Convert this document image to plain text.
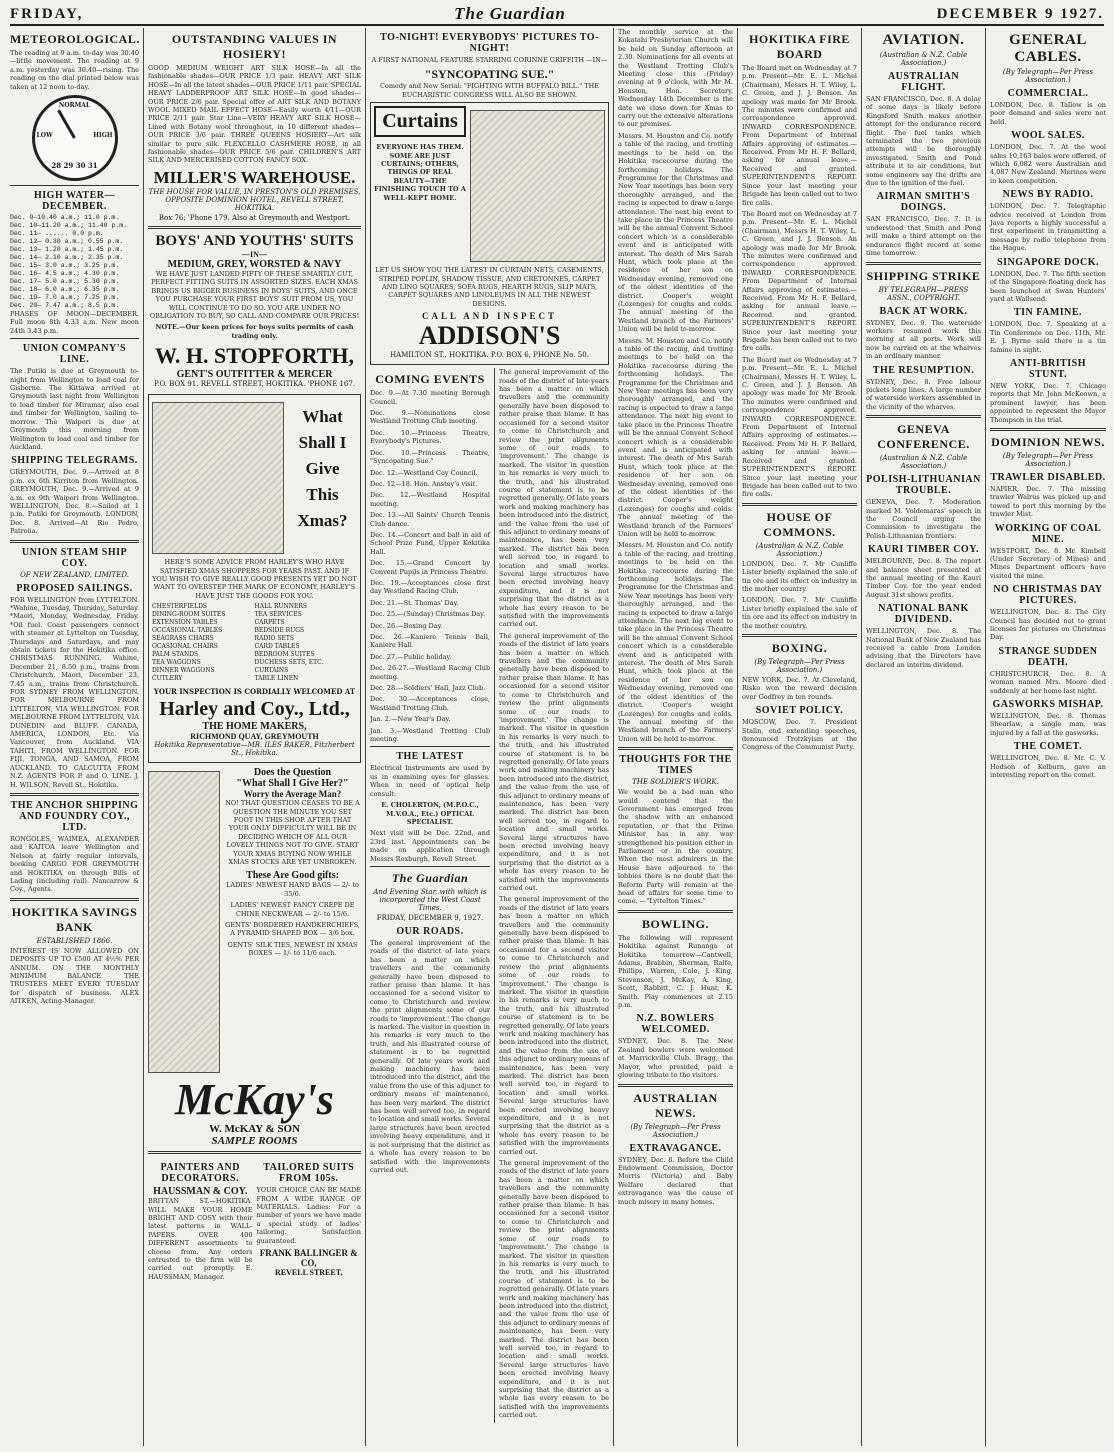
FRIDAY,	The Guardian	DECEMBER 9 1927.
METEOROLOGICAL.

The reading at 9 a.m. to-day was 30.40—little movement. The reading at 9 a.m. yesterday was 30.40—rising. The reading on the dial printed below was taken at 12 noon to-day.

NORMAL
LOW	HIGH
28 29 30 31
HIGH WATER—DECEMBER.
Dec. 9—10.40 a.m.; 11.0 p.m.
Dec. 10—11.20 a.m.; 11.40 p.m.
Dec. 11— ...... 0.0 p.m.
Dec. 12— 0.30 a.m.; 0.55 p.m.
Dec. 13— 1.20 a.m.; 1.45 p.m.
Dec. 14— 2.10 a.m.; 2.35 p.m.
Dec. 15— 3.0 a.m.; 3.25 p.m.
Dec. 16— 4.5 a.m.; 4.30 p.m.
Dec. 17— 5.0 a.m.; 5.30 p.m.
Dec. 18— 6.0 a.m.; 6.35 p.m.
Dec. 19— 7.0 a.m.; 7.25 p.m.
Dec. 20— 7.47 a.m.; 8.5 p.m.

PHASES OF MOON—DECEMBER. Full moon 8th 4.33 a.m. New moon 24th 3.43 p.m.

UNION COMPANY'S LINE.

The Putiki is due at Greymouth to-night from Wellington to load coal for Gisborne. The Kittawa arrived at Greymouth last night from Wellington to load timber for Miramar, also coal and timber for Wellington, sailing to-morrow. The Waipori is due at Greymouth this morning from Wellington to load coal and timber for Auckland.

SHIPPING TELEGRAMS.

GREYMOUTH, Dec. 9.—Arrived at 8 p.m. ex 6th Kirriton from Wellington. GREYMOUTH, Dec. 9.—Arrived at 9 a.m. ex 9th Waipori from Wellington. WELLINGTON, Dec. 8.—Sailed at 1 p.m. Putiki for Greymouth. LONDON, Dec. 8. Arrived—At Rio Pedro, Patroiia.

UNION STEAM SHIP COY.
OF NEW ZEALAND, LIMITED.
PROPOSED SAILINGS.

FOR WELLINGTON from LYTTELTON. *Wahine, Tuesday, Thursday, Saturday. *Maori, Monday, Wednesday, Friday. *Oil fuel. Coast passengers connect with steamer at Lyttelton on Tuesday, Thursdays and Saturdays, and may obtain tickets for the Hokitika office. CHRISTMAS RUNNING. Wahine, December 21, 8.50 p.m., trains from Christchurch. Maori, December 23, 7.45 a.m., trains from Christchurch. FOR SYDNEY FROM WELLINGTON. FOR MELBOURNE FROM LYTTELTON, VIA WELLINGTON. FOR MELBOURNE FROM LYTTELTON, VIA DUNEDIN and BLUFF. CANADA, AMERICA, LONDON, Etc. Via Vancouver, from Auckland. VIA TAHITI, FROM WELLINGTON. FOR FIJI, TONGA, AND SAMOA, FROM AUCKLAND. TO CALCUTTA FROM N.Z. AGENTS FOR P. and O. LINE. J. H. WILSON, Revell St., Hokitika.

THE ANCHOR SHIPPING AND FOUNDRY COY., LTD.

RONGOLES, WAIMEA, ALEXANDER and KAITOA leave Wellington and Nelson at fairly regular intervals, booking CARGO FOR GREYMOUTH and HOKITIKA on through Bills of Lading (including rail). Nancarrow & Coy., Agents.

HOKITIKA SAVINGS BANK
ESTABLISHED 1866.

INTEREST IS NOW ALLOWED ON DEPOSITS UP TO £500 AT 4½% PER ANNUM. ON THE MONTHLY MINIMUM BALANCE. THE TRUSTEES MEET EVERY TUESDAY for dispatch of business. ALEX AITKEN, Acting-Manager.

OUTSTANDING VALUES IN HOSIERY!

GOOD MEDIUM WEIGHT ART SILK HOSE—In all the fashionable shades—OUR PRICE 1/3 pair. HEAVY ART SILK HOSE—In all the latest shades—OUR PRICE 1/11 pair. SPECIAL HEAVY LADDERPROOF ART SILK HOSE—In good shades—OUR PRICE 2/6 pair. Special offer of ART SILK AND BOTANY WOOL MIXED MAIL EFFECT HOSE—Easily worth 4/11—OUR PRICE 2/11 pair. Star Line—VERY HEAVY ART SILK HOSE—Lined with Botany wool throughout, in 10 different shades—OUR PRICE 3/6 pair. THREE QUEENS HOSIERY—Art silk similar to pure silk. FLEXCELLO CASHMERE HOSE, in all fashionable shades—OUR PRICE 5/6 pair. CHILDREN'S ART SILK AND MERCERISED COTTON FANCY SOX.

MILLER'S WAREHOUSE.
THE HOUSE FOR VALUE, IN PRESTON'S OLD PREMISES, OPPOSITE DOMINION HOTEL, REVELL STREET, HOKITIKA.
Box 76; 'Phone 179. Also at Greymouth and Westport.
BOYS' AND YOUTHS' SUITS
—IN—
MEDIUM, GREY, WORSTED & NAVY

WE HAVE JUST LANDED FIFTY OF THESE SMARTLY CUT, PERFECT FITTING SUITS IN ASSORTED SIZES. EACH XMAS BRINGS US BIGGER BUSINESS IN BOYS' SUITS, AND ONCE YOU PURCHASE YOUR FIRST BOYS' SUIT FROM US, YOU WILL CONTINUE TO DO SO. YOU ARE UNDER NO OBLIGATION TO BUY, SO CALL AND COMPARE OUR PRICES!

NOTE.—Our keen prices for boys suits permits of cash trading only.

W. H. STOPFORTH,
GENT'S OUTFITTER & MERCER
P.O. BOX 91. REVELL STREET, HOKITIKA. 'PHONE 167.
What Shall I Give This Xmas?

HERE'S SOME ADVICE FROM HARLEY'S WHO HAVE SATISFIED XMAS SHOPPERS FOR YEARS PAST. AND IF YOU WISH TO GIVE REALLY GOOD PRESENTS YET DO NOT WANT TO OVERSTEP THE MARK OF ECONOMY, HARLEY'S HAVE JUST THE GOODS FOR YOU.

CHESTERFIELDS
DINING-ROOM SUITES
EXTENSION TABLES
OCCASIONAL TABLES
SEAGRASS CHAIRS
OCASIONAL CHAIRS
PALM STANDS
TEA WAGGONS
DINNER WAGGONS
CUTLERY
HALL RUNNERS
TEA SERVICES
CARPETS
BEDSIDE RUGS
RADIO SETS
CARD TABLES
BEDROOM SUITES
DUCHESS SETS, ETC.
CURTAINS
TABLE LINEN
YOUR INSPECTION IS CORDIALLY WELCOMED AT
Harley and Coy., Ltd.,
THE HOME MAKERS,
RICHMOND QUAY, GREYMOUTH
Hokitika Representative—MR. ILES BAKER, Fitzherbert St., Hokitika.
Does the Question
"What Shall I Give Her?"
Worry the Average Man?

NO! THAT QUESTION CEASES TO BE A QUESTION THE MINUTE YOU SET FOOT IN THIS SHOP. AFTER THAT YOUR ONLY DIFFICULTY WILL BE IN DECIDING WHICH OF ALL OUR LOVELY THINGS NOT TO GIVE. START YOUR XMAS BUYING NOW WHILE XMAS STOCKS ARE YET UNBROKEN.

These Are Good gifts:

LADIES' NEWEST HAND BAGS — 2/- to 35/6.

LADIES' NEWEST FANCY CREPE DE CHINE NECKWEAR — 2/- to 15/6.

GENTS' BORDERED HANDKERCHIEFS, A PYRAMID SHAPED BOX — 3/6 box.

GENTS' SILK TIES, NEWEST IN XMAS BOXES — 1/- to 11/6 each.

McKay's
W. McKAY & SON
SAMPLE ROOMS
PAINTERS AND DECORATORS.
HAUSSMAN & COY.

BRITTAN ST.—HOKITIKA. WILL MAKE YOUR HOME BRIGHT AND COSY with their latest patterns in WALL-PAPERS. OVER 400 DIFFERENT assortments to choose from. Any orders entrusted to the firm will be carried out promptly. E. HAUSSMAN, Manager.

TAILORED SUITS FROM 105s.

YOUR CHOICE CAN BE MADE FROM A WIDE RANGE OF MATERIALS. Ladies: For a number of years we have made a special study of ladies' tailoring. Satisfaction guaranteed.

FRANK BALLINGER & CO,
REVELL STREET,
TO-NIGHT! EVERYBODYS' PICTURES TO-NIGHT!

A FIRST NATIONAL FEATURE STARRING CORINNE GRIFFITH —IN—

"SYNCOPATING SUE."

Comedy and New Serial: "FIGHTING WITH BUFFALO BILL." THE EUCHARISTIC CONGRESS WILL ALSO BE SHOWN.

Curtains

EVERYONE HAS THEM. SOME ARE JUST CURTAINS; OTHERS, THINGS OF REAL BEAUTY—THE FINISHING TOUCH TO A WELL-KEPT HOME.

LET US SHOW YOU THE LATEST IN CURTAIN NETS, CASEMENTS, STRIPED POPLIN, SHADOW TISSUE, AND CRETONNES, CARPET AND LINO SQUARES, SOFA RUGS, HEARTH RUGS, SLIP MATS, CARPET SQUARES AND LINOLEUMS IN ALL THE NEWEST DESIGNS.

CALL AND INSPECT
ADDISON'S
HAMILTON ST., HOKITIKA. P.O. BOX 6, PHONE No. 50.
COMING EVENTS

Dec. 9.—At 7.30 meeting Borough Council.

Dec. 9.—Nominations close Westland Trotting Club meeting.

Dec. 10.—Princess Theatre, Everybody's Pictures.

Dec. 10.—Princess Theatre, "Syncopating Sue."

Dec. 12.—Westland Coy Council.

Dec. 12—18. Hon. Anstey's visit.

Dec. 12.—Westland Hospital meeting.

Dec. 13.—All Saints' Church Tennis Club dance.

Dec. 14.—Concert and ball in aid of School Prize Fund, Upper Kokitika Hall.

Dec. 15.—Grand Concert by Convent Pupils in Princess Theatre.

Dec. 19.—Acceptances close first day Westland Racing Club.

Dec. 21.—St. Thomas' Day.

Dec. 25.—(Sunday) Christmas Day.

Dec. 26.—Boxing Day.

Dec. 26.—Kaniere Tennis Ball, Kaniere Hall.

Dec. 27.—Public holiday.

Dec. 26-27.—Westland Racing Club meeting.

Dec. 28.—Soldiers' Hall, Jazz Club.

Dec. 30.—Acceptances close, Westland Trotting Club.

Jan. 2.—New Year's Day.

Jan. 3.—Westland Trotting Club meeting.

THE LATEST

Electrical Instruments are used by us in examining eyes for glasses. When in need of optical help consult:

E. CHOLERTON, (M.P.O.C., M.V.O.A., Etc.) OPTICAL SPECIALIST.

Next visit will be Dec. 22nd, and 23rd inst. Appointments can be made on application through Messrs Roxburgh, Revell Street.

The Guardian
And Evening Star, with which is incorporated the West Coast Times.
FRIDAY, DECEMBER 9, 1927.
OUR ROADS.

The general improvement of the roads of the district of late years has been a matter on which travellers and the community generally have been disposed to rather praise than blame. It has occasioned for a second visitor to come to Christchurch and review the print alignments some of our roads to 'improvement.' The change is marked. The visitor in question in his remarks is very much to the truth, and his illustrated course of statement is to be regretted generally. Of late years work and making machinery has been introduced into the district, and the value from the use of this adjunct to ordinary means of maintenance, has been very marked. The district has been well served too, in regard to location and small works. Several large structures have been erected involving heavy expenditure, and it is not surprising that the district as a whole has every reason to be satisfied with the improvements carried out.

The general improvement of the roads of the district of late years has been a matter on which travellers and the community generally have been disposed to rather praise than blame. It has occasioned for a second visitor to come to Christchurch and review the print alignments some of our roads to 'improvement.' The change is marked. The visitor in question in his remarks is very much to the truth, and his illustrated course of statement is to be regretted generally. Of late years work and making machinery has been introduced into the district, and the value from the use of this adjunct to ordinary means of maintenance, has been very marked. The district has been well served too, in regard to location and small works. Several large structures have been erected involving heavy expenditure, and it is not surprising that the district as a whole has every reason to be satisfied with the improvements carried out.

The general improvement of the roads of the district of late years has been a matter on which travellers and the community generally have been disposed to rather praise than blame. It has occasioned for a second visitor to come to Christchurch and review the print alignments some of our roads to 'improvement.' The change is marked. The visitor in question in his remarks is very much to the truth, and his illustrated course of statement is to be regretted generally. Of late years work and making machinery has been introduced into the district, and the value from the use of this adjunct to ordinary means of maintenance, has been very marked. The district has been well served too, in regard to location and small works. Several large structures have been erected involving heavy expenditure, and it is not surprising that the district as a whole has every reason to be satisfied with the improvements carried out.

The general improvement of the roads of the district of late years has been a matter on which travellers and the community generally have been disposed to rather praise than blame. It has occasioned for a second visitor to come to Christchurch and review the print alignments some of our roads to 'improvement.' The change is marked. The visitor in question in his remarks is very much to the truth, and his illustrated course of statement is to be regretted generally. Of late years work and making machinery has been introduced into the district, and the value from the use of this adjunct to ordinary means of maintenance, has been very marked. The district has been well served too, in regard to location and small works. Several large structures have been erected involving heavy expenditure, and it is not surprising that the district as a whole has every reason to be satisfied with the improvements carried out.

The general improvement of the roads of the district of late years has been a matter on which travellers and the community generally have been disposed to rather praise than blame. It has occasioned for a second visitor to come to Christchurch and review the print alignments some of our roads to 'improvement.' The change is marked. The visitor in question in his remarks is very much to the truth, and his illustrated course of statement is to be regretted generally. Of late years work and making machinery has been introduced into the district, and the value from the use of this adjunct to ordinary means of maintenance, has been very marked. The district has been well served too, in regard to location and small works. Several large structures have been erected involving heavy expenditure, and it is not surprising that the district as a whole has every reason to be satisfied with the improvements carried out.

The monthly service at the Kokatahi Presbyterian Church will be held on Sunday afternoon at 2.30. Nominations for all events at the Westland Trotting Club's Meeting close this (Friday) evening at 9 o'clock, with Mr M. Houston, Hon. Secretary. Wednesday 14th December is the date we close down for Xmas to carry out the extensive alterations to our premises.

Messrs. M. Houston and Co. notify a table of the racing, and trotting meetings to be held on the Hokitika racecourse during the forthcoming holidays. The Programme for the Christmas and New Year meetings has been very thoroughly arranged, and the racing is expected to draw a large attendance. The next big event to take place in the Princess Theatre will be the annual Convent School concert which is a considerable event and is anticipated with interest. The death of Mrs Sarah Hunt, which took place at the residence of her son on Wednesday evening, removed one of the oldest identities of the district. Cooper's weight (Lozenges) for coughs and colds. The annual meeting of the Westland branch of the Farmers' Union will be held to-morrow.

Messrs. M. Houston and Co. notify a table of the racing, and trotting meetings to be held on the Hokitika racecourse during the forthcoming holidays. The Programme for the Christmas and New Year meetings has been very thoroughly arranged, and the racing is expected to draw a large attendance. The next big event to take place in the Princess Theatre will be the annual Convent School concert which is a considerable event and is anticipated with interest. The death of Mrs Sarah Hunt, which took place at the residence of her son on Wednesday evening, removed one of the oldest identities of the district. Cooper's weight (Lozenges) for coughs and colds. The annual meeting of the Westland branch of the Farmers' Union will be held to-morrow.

Messrs. M. Houston and Co. notify a table of the racing, and trotting meetings to be held on the Hokitika racecourse during the forthcoming holidays. The Programme for the Christmas and New Year meetings has been very thoroughly arranged, and the racing is expected to draw a large attendance. The next big event to take place in the Princess Theatre will be the annual Convent School concert which is a considerable event and is anticipated with interest. The death of Mrs Sarah Hunt, which took place at the residence of her son on Wednesday evening, removed one of the oldest identities of the district. Cooper's weight (Lozenges) for coughs and colds. The annual meeting of the Westland branch of the Farmers' Union will be held to-morrow.

THOUGHTS FOR THE TIMES
THE SOLDIER'S WORK.

We would be a bad man who would contend that the Government has emerged from the shadow with an enhanced reputation, or that the Prime Minister has in any way strengthened his position either in Parliament or in the country. When the most admirers in the House have adjourned to the lobbies there is no doubt that the Reform Party will remain at the head of affairs for some time to come. —"Lyttelton Times."

BOWLING.

The following will represent Hokitika against Runanga at Hokitika tomorrow—Cantwell, Adams, Brabbin, Sherman, Ralfe, Phillips, Warren, Cole, J. King, Stevenson, J. McKay, A. King, Scott, Rabbitt, C. J. Hunt, K. Smith. Play commences at 2.15 p.m.

N.Z. BOWLERS WELCOMED.

SYDNEY, Dec. 8. The New Zealand bowlers were welcomed at Marrickville Club. Bragg, the Mayor, who presided, paid a glowing tribute to the visitors.

AUSTRALIAN NEWS.
(By Telegraph—Per Press Association.)
EXTRAVAGANCE.

SYDNEY, Dec. 8. Before the Child Endowment Commission, Doctor Morris (Victoria) and Baby Welfare declared that extravagance was the cause of much misery in many homes.

HOKITIKA FIRE BOARD

The Board met on Wednesday at 7 p.m. Present—Mr. E. L. Michel (Chairman), Messrs H. T. Wiley, L. C. Green, and J. J. Benson. An apology was made for Mr Brook. The minutes were confirmed and correspondence approved. INWARD CORRESPONDENCE. From Department of Internal Affairs approving of estimates.—Received. From Mr H. F. Bellard, asking for annual leave.—Received and granted. SUPERINTENDENT'S REPORT. Since your last meeting your Brigade has been called out to two fire calls.

The Board met on Wednesday at 7 p.m. Present—Mr. E. L. Michel (Chairman), Messrs H. T. Wiley, L. C. Green, and J. J. Benson. An apology was made for Mr Brook. The minutes were confirmed and correspondence approved. INWARD CORRESPONDENCE. From Department of Internal Affairs approving of estimates.—Received. From Mr H. F. Bellard, asking for annual leave.—Received and granted. SUPERINTENDENT'S REPORT. Since your last meeting your Brigade has been called out to two fire calls.

The Board met on Wednesday at 7 p.m. Present—Mr. E. L. Michel (Chairman), Messrs H. T. Wiley, L. C. Green, and J. J. Benson. An apology was made for Mr Brook. The minutes were confirmed and correspondence approved. INWARD CORRESPONDENCE. From Department of Internal Affairs approving of estimates.—Received. From Mr H. F. Bellard, asking for annual leave.—Received and granted. SUPERINTENDENT'S REPORT. Since your last meeting your Brigade has been called out to two fire calls.

HOUSE OF COMMONS.
(Australian & N.Z. Cable Association.)

LONDON, Dec. 7. Mr Cunliffe Lister briefly explained the sale of tin ore and its effect on industry in the mother country.

LONDON, Dec. 7. Mr Cunliffe Lister briefly explained the sale of tin ore and its effect on industry in the mother country.

BOXING.
(By Telegraph—Per Press Association.)

NEW YORK, Dec. 7. At Cleveland, Risko won the reward decision over Godfrey in ten rounds.

SOVIET POLICY.

MOSCOW, Dec. 7. President Stalin, end extending speeches, denounced Trotzkyism at the Congress of the Communist Party.

AVIATION.
(Australian & N.Z. Cable Association.)
AUSTRALIAN FLIGHT.

SAN FRANCISCO, Dec. 8. A delay of some days is likely before Kingsford Smith makes another attempt for the endurance record flight. The fuel tanks which terminated the two previous attempts will be thoroughly investigated. Smith and Pond attribute it to air conditions, but some engineers say the drifts are due to the ignition of the fuel.

AIRMAN SMITH'S DOINGS.

SAN FRANCISCO, Dec. 7. It is understood that Smith and Pond will make a third attempt on the endurance flight record at some time tomorrow.

SHIPPING STRIKE
BY TELEGRAPH—PRESS ASSN., COPYRIGHT.
BACK AT WORK.

SYDNEY, Dec. 9. The waterside workers resumed work this morning at all ports. Work will now be carried on at the wharves in an ordinary manner.

THE RESUMPTION.

SYDNEY, Dec. 8. Free labour pickets long lines. A large number of waterside workers assembled in the vicinity of the wharves.

GENEVA CONFERENCE.
(Australian & N.Z. Cable Association.)
POLISH-LITHUANIAN TROUBLE.

GENEVA, Dec. 7. Moderation marked M. Voldemaras' speech in the Council urging the Commission to investigate the Polish-Lithuanian frontiers.

KAURI TIMBER COY.

MELBOURNE, Dec. 8. The report and balance sheet presented at the annual meeting of the Kauri Timber Coy. for the year ended August 31st shows profits.

NATIONAL BANK DIVIDEND.

WELLINGTON, Dec. 8. The National Bank of New Zealand has received a cable from London advising that the Directors have declared an interim dividend.

GENERAL CABLES.
(By Telegraph—Per Press Association.)
COMMERCIAL.

LONDON, Dec. 8. Tallow is on poor demand and sales were not held.

WOOL SALES.

LONDON, Dec. 7. At the wool sales 10,163 bales were offered, of which 6,082 were Australian and 4,087 New Zealand. Merinos were in keen competition.

NEWS BY RADIO.

LONDON, Dec. 7. Telegraphic advice received at London from Java reports a highly successful a first experiment in transmitting a message by radio telephone from the Hague.

SINGAPORE DOCK.

LONDON, Dec. 7. The fifth section of the Singapore floating dock has been launched at Swan Hunters' yard at Wallsend.

TIN FAMINE.

LONDON, Dec. 7. Speaking at a Tin Conference on Dec. 11th, Mr. E. J. Byrne said there is a tin famine in sight.

ANTI-BRITISH STUNT.

NEW YORK, Dec. 7. Chicago reports that Mr. John McKeown, a prominent lawyer, has been appointed to represent the Mayor Thompson in the trial.

DOMINION NEWS.
(By Telegraph—Per Press Association.)
TRAWLER DISABLED.

NAPIER, Dec. 7. The missing trawler Walrus was picked up and towed to port this morning by the trawler Mist.

WORKING OF COAL MINE.

WESTPORT, Dec. 8. Mr. Kimbell (Under Secretary of Mines) and Mines Department officers have visited the mine.

NO CHRISTMAS DAY PICTURES.

WELLINGTON, Dec. 8. The City Council has decided not to grant licenses for pictures on Christmas Day.

STRANGE SUDDEN DEATH.

CHRISTCHURCH, Dec. 8. A woman named Mrs. Moore died suddenly at her home last night.

GASWORKS MISHAP.

WELLINGTON, Dec. 8. Thomas Shearlaw, a single man, was injured by a fall at the gasworks.

THE COMET.

WELLINGTON, Dec. 8. Mr. C. V. Hodson of Kelburn, gave an interesting report on the comet.
